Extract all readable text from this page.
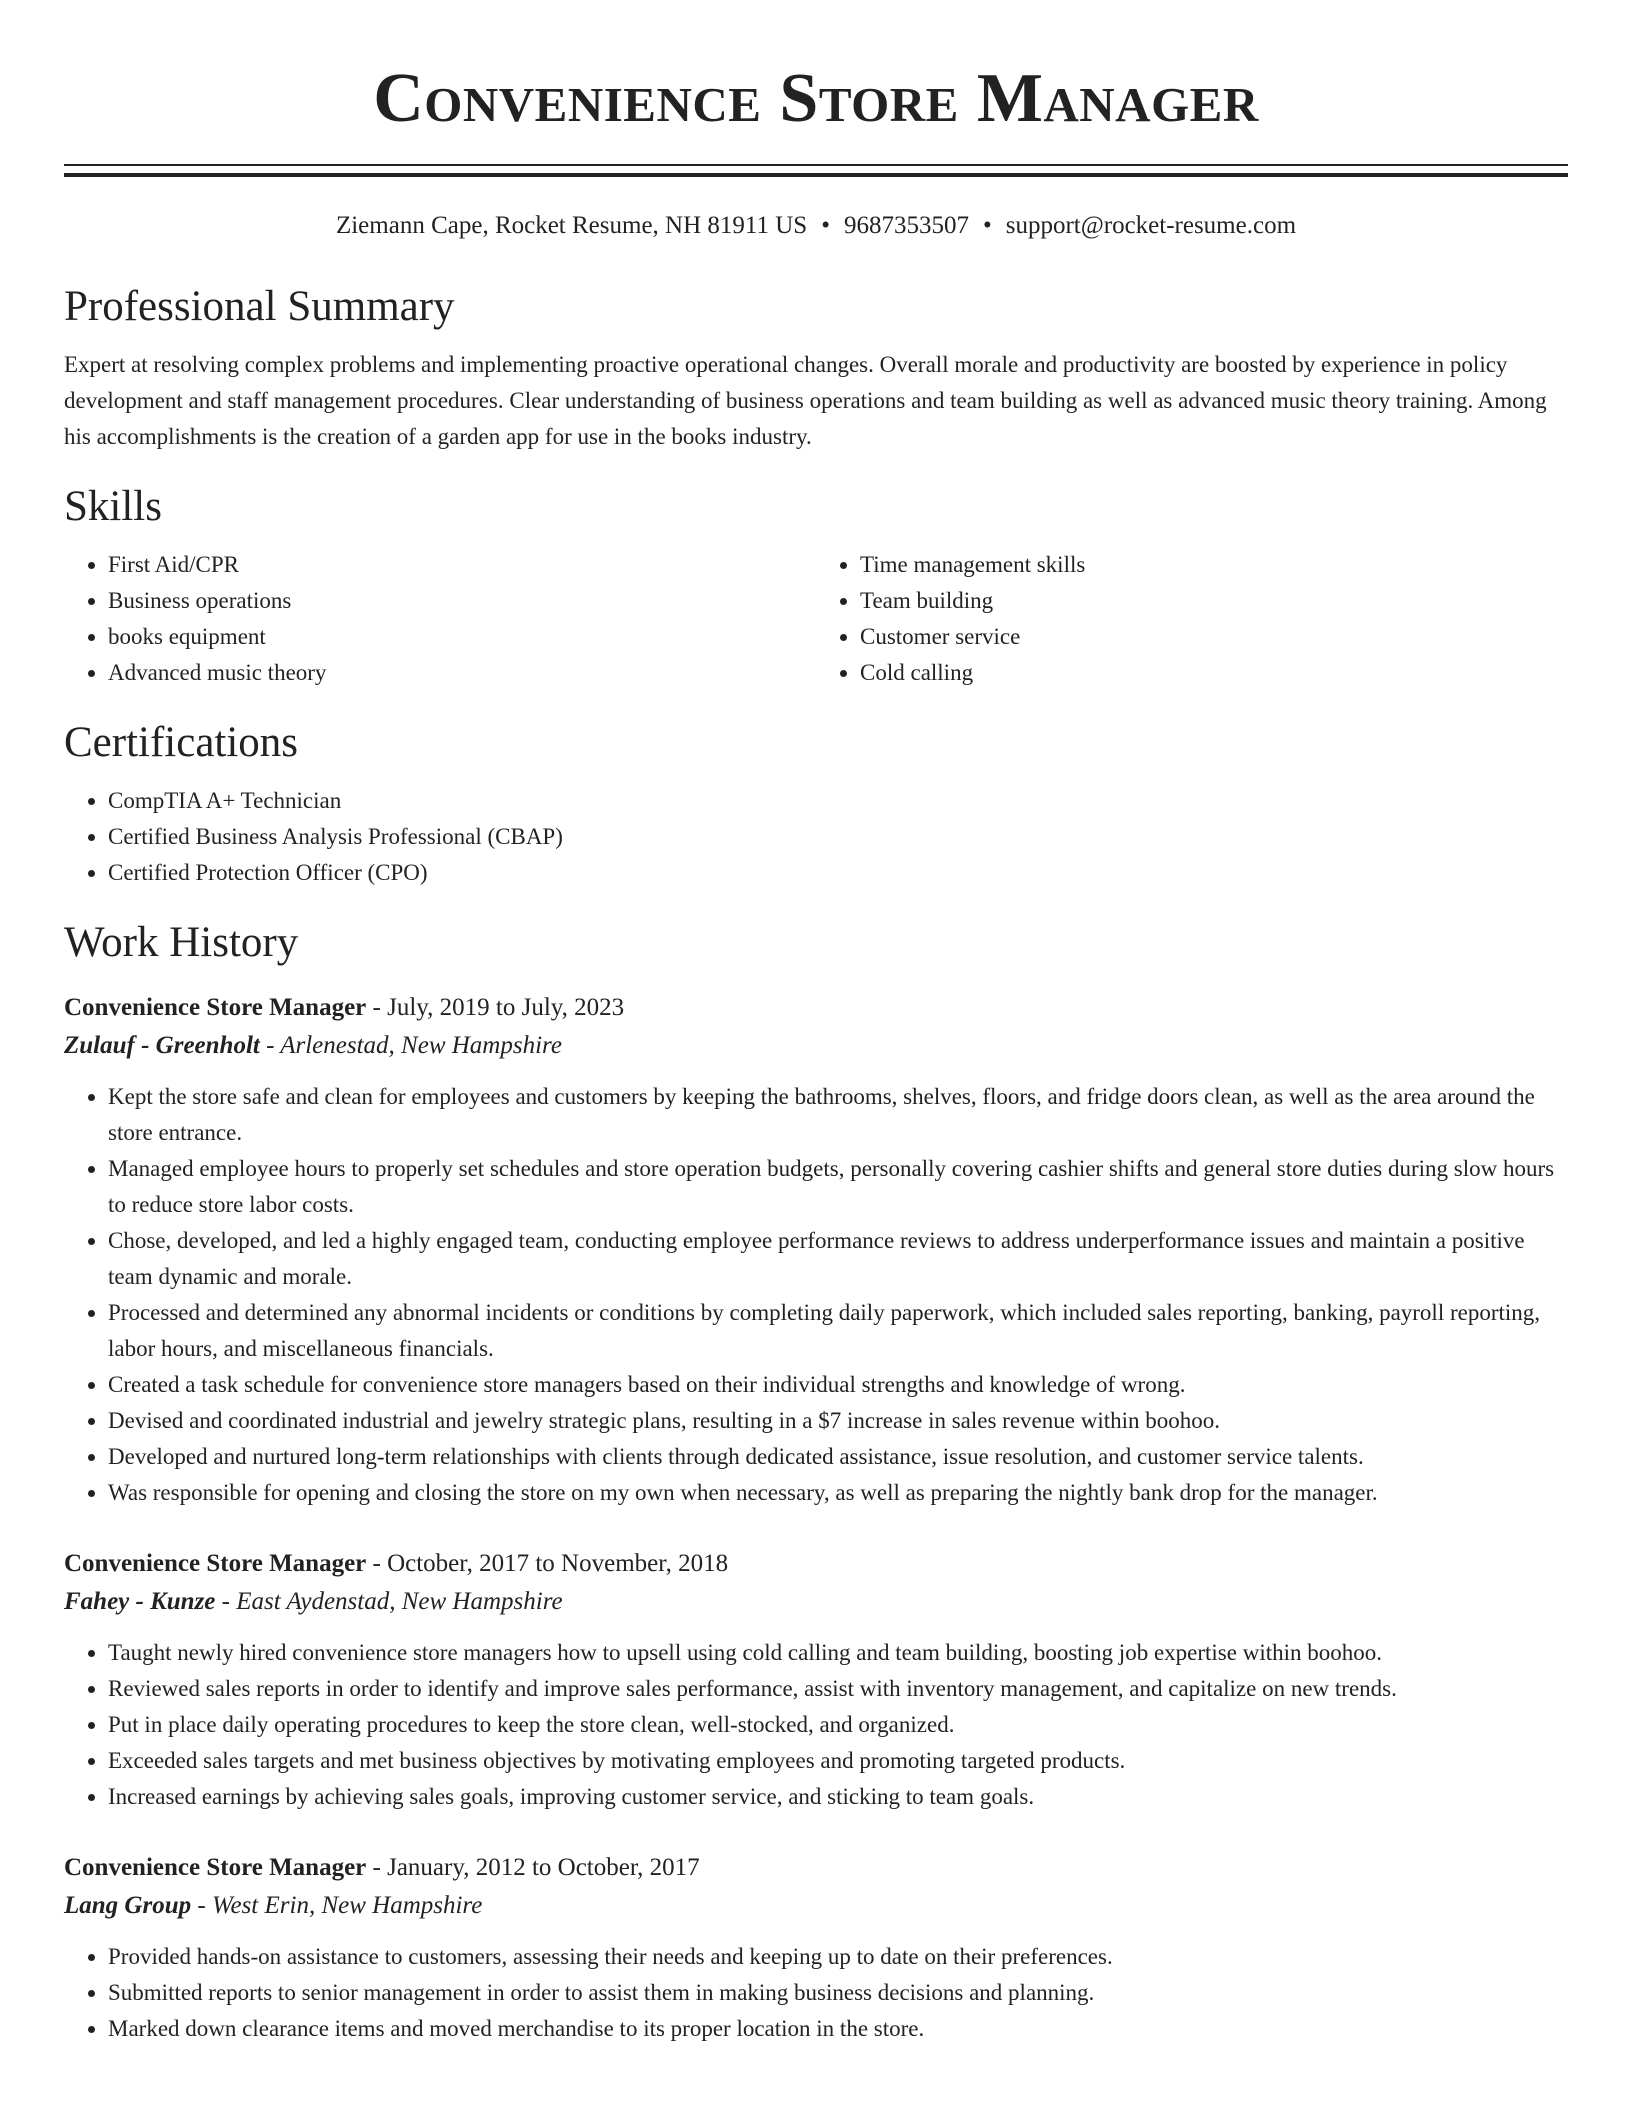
Convenience Store Manager
Ziemann Cape, Rocket Resume, NH 81911 US • 9687353507 • support@rocket-resume.com
Professional Summary

Expert at resolving complex problems and implementing proactive operational changes. Overall morale and productivity are boosted by experience in policy development and staff management procedures. Clear understanding of business operations and team building as well as advanced music theory training. Among his accomplishments is the creation of a garden app for use in the books industry.

Skills
• First Aid/CPR
• Business operations
• books equipment
• Advanced music theory
• Time management skills
• Team building
• Customer service
• Cold calling
Certifications
• CompTIA A+ Technician
• Certified Business Analysis Professional (CBAP)
• Certified Protection Officer (CPO)
Work History
Convenience Store Manager - July, 2019 to July, 2023
Zulauf - Greenholt - Arlenestad, New Hampshire
• Kept the store safe and clean for employees and customers by keeping the bathrooms, shelves, floors, and fridge doors clean, as well as the area around the store entrance.
• Managed employee hours to properly set schedules and store operation budgets, personally covering cashier shifts and general store duties during slow hours to reduce store labor costs.
• Chose, developed, and led a highly engaged team, conducting employee performance reviews to address underperformance issues and maintain a positive team dynamic and morale.
• Processed and determined any abnormal incidents or conditions by completing daily paperwork, which included sales reporting, banking, payroll reporting, labor hours, and miscellaneous financials.
• Created a task schedule for convenience store managers based on their individual strengths and knowledge of wrong.
• Devised and coordinated industrial and jewelry strategic plans, resulting in a $7 increase in sales revenue within boohoo.
• Developed and nurtured long-term relationships with clients through dedicated assistance, issue resolution, and customer service talents.
• Was responsible for opening and closing the store on my own when necessary, as well as preparing the nightly bank drop for the manager.
Convenience Store Manager - October, 2017 to November, 2018
Fahey - Kunze - East Aydenstad, New Hampshire
• Taught newly hired convenience store managers how to upsell using cold calling and team building, boosting job expertise within boohoo.
• Reviewed sales reports in order to identify and improve sales performance, assist with inventory management, and capitalize on new trends.
• Put in place daily operating procedures to keep the store clean, well-stocked, and organized.
• Exceeded sales targets and met business objectives by motivating employees and promoting targeted products.
• Increased earnings by achieving sales goals, improving customer service, and sticking to team goals.
Convenience Store Manager - January, 2012 to October, 2017
Lang Group - West Erin, New Hampshire
• Provided hands-on assistance to customers, assessing their needs and keeping up to date on their preferences.
• Submitted reports to senior management in order to assist them in making business decisions and planning.
• Marked down clearance items and moved merchandise to its proper location in the store.
